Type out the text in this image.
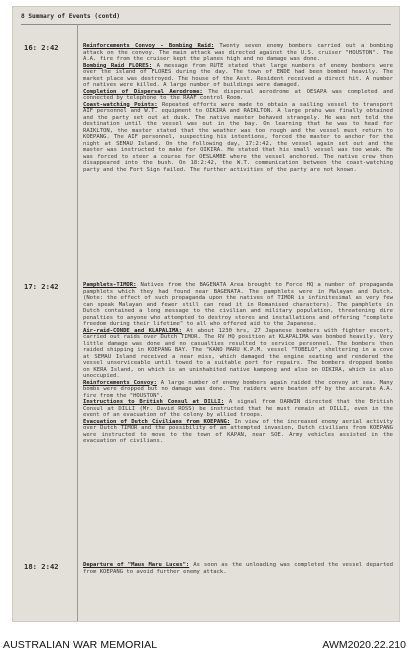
8 Summary of Events (contd)
16: 2:42	Reinforcements Convoy - Bombing Raid: Twenty seven enemy bombers carried out a bombing attack on the convoy. The main attack was directed against the U.S. cruiser "HOUSTON". The A.A. fire from the cruiser kept the planes high and no damage was done.

Bombing Raid FLORES: A message from RUTE stated that large numbers of enemy bombers were over the island of FLORES during the day. The town of ENDE had been bombed heavily. The market place was destroyed. The house of the Asst. Resident received a direct hit. A number of natives were killed. A large number of buildings were damaged.

Completion of Dispersal Aerodrome: The dispersal aerodrome at OESAPA was completed and connected by telephone to the RAAF control Room.

Coast-watching Points: Repeated efforts were made to obtain a sailing vessel to transport AIF personnel and W.T. equipment to OIKIRA and RAIKLTON. A large prahu was finally obtained and the party set out at dusk. The native master behaved strangely. He was not told the destination until the vessel was out in the bay. On learning that he was to head for RAIKLTON, the master stated that the weather was too rough and the vessel must return to KOEPANG. The AIF personnel, suspecting his intentions, forced the master to anchor for the night at SEMAU Island. On the following day, 17:2:42, the vessel again set out and the master was instructed to make for OIKIRA. He stated that his small vessel was too weak. He was forced to steer a course for OESLAMBE where the vessel anchored. The native crew then disappeared into the bush. On 18:2:42, the W.T. communication between the coast-watching party and the Fort Sign failed. The further activities of the party are not known.

17: 2:42	Pamphlets-TIMOR: Natives from the BAGENATA Area brought to Force HQ a number of propaganda pamphlets which they had found near BAGENATA. The pamphlets were in Malayan and Dutch. (Note: the effect of such propaganda upon the natives of TIMOR is infinitesimal as very few can speak Malayan and fewer still can read it in Romanised characters). The pamphlets in Dutch contained a long message to the civilian and military population, threatening dire penalties to anyone who attempted to destroy stores and installations and offering "complete freedom during their lifetime" to all who offered aid to the Japanese.

Air-raid-CONDE and KLAPALIMA: At about 1230 hrs, 27 Japanese bombers with fighter escort, carried out raids over Dutch TIMOR. The RV HQ position at KLAPALIMA was bombed heavily. Very little damage was done and no casualties resulted to service personnel. The bombers then raided shipping in KOEPANG BAY. The "KANO MARU K.P.M. vessel "TOBELO", sheltering in a cove at SEMAU Island received a near miss, which damaged the engine seating and rendered the vessel unserviceable until towed to a suitable port for repairs. The bombers dropped bombs on KERA Island, on which is an uninhabited native kampong and also on OIKIRA, which is also unoccupied.

Reinforcements Convoy: A large number of enemy bombers again raided the convoy at sea. Many bombs were dropped but no damage was done. The raiders were beaten off by the accurate A.A. fire from the "HOUSTON".

Instructions to British Consul at DILLI: A signal from DARWIN directed that the British Consul at DILLI (Mr. David ROSS) be instructed that he must remain at DILLI, even in the event of an evacuation of the colony by allied troops.

Evacuation of Dutch Civilians from KOEPANG: In view of the increased enemy aerial activity over Dutch TIMOR and the possibility of an attempted invasion, Dutch civilians from KOEPANG were instructed to move to the town of KAPAN, near SOE. Army vehicles assisted in the evacuation of civilians.

18: 2:42	Departure of "Maus Maru Luces": As soon as the unloading was completed the vessel departed from KOEPANG to avoid further enemy attack.

AUSTRALIAN WAR MEMORIAL	AWM2020.22.210
